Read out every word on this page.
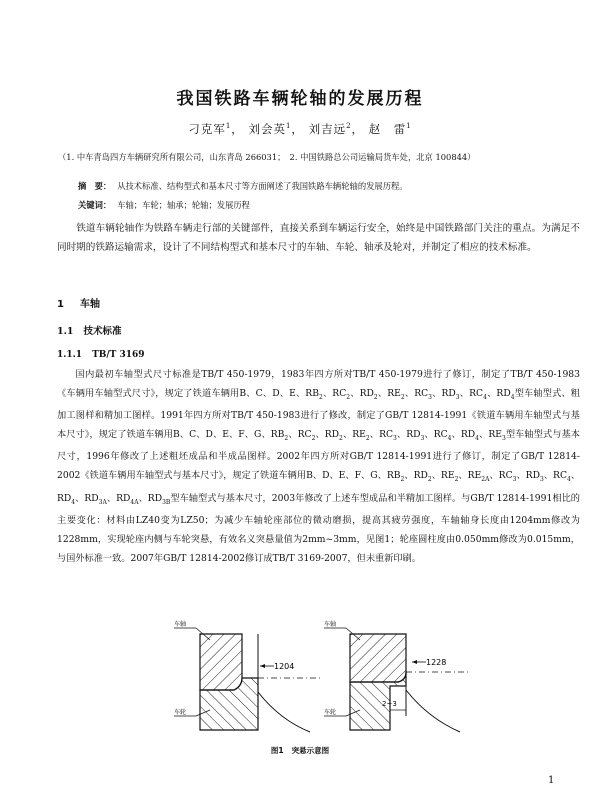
我国铁路车辆轮轴的发展历程
刁克军$^1$， 刘会英$^1$， 刘吉远$^2$， 赵　雷$^1$
（1. 中车青岛四方车辆研究所有限公司，山东青岛 266031；　2. 中国铁路总公司运输局货车处，北京 100844）
摘　要： 从技术标准、结构型式和基本尺寸等方面阐述了我国铁路车辆轮轴的发展历程。
关键词： 车轴；车轮；轴承；轮轴；发展历程

铁道车辆轮轴作为铁路车辆走行部的关键部件，直接关系到车辆运行安全，始终是中国铁路部门关注的重点。为满足不同时期的铁路运输需求，设计了不同结构型式和基本尺寸的车轴、车轮、轴承及轮对，并制定了相应的技术标准。

1 车轴
1.1 技术标准
1.1.1 TB/T 3169

国内最初车轴型式尺寸标准是TB/T 450-1979，1983年四方所对TB/T 450-1979进行了修订，制定了TB/T 450-1983《车辆用车轴型式尺寸》，规定了铁道车辆用B、C、D、E、$RB_2$、$RC_2$、$RD_2$、$RE_2$、$RC_3$、$RD_3$、$RC_4$、$RD_4$型车轴型式、粗加工图样和精加工图样。1991年四方所对TB/T 450-1983进行了修改，制定了GB/T 12814-1991《铁道车辆用车轴型式与基本尺寸》，规定了铁道车辆用B、C、D、E、F、G、$RB_2$、$RC_2$、$RD_2$、$RE_2$、$RC_3$、$RD_3$、$RC_4$、$RD_4$、$RE_3$型车轴型式与基本尺寸，1996年修改了上述粗坯成品和半成品图样。2002年四方所对GB/T 12814-1991进行了修订，制定了GB/T 12814-2002《铁道车辆用车轴型式与基本尺寸》，规定了铁道车辆用B、D、E、F、G、$RB_2$、$RD_2$、$RE_2$、$RE_{2A}$、$RC_3$、$RD_3$、$RC_4$、$RD_4$、$RD_{3A}$、$RD_{4A}$、$RD_{3B}$型车轴型式与基本尺寸，2003年修改了上述车型成品和半精加工图样。与GB/T 12814-1991相比的主要变化：材料由LZ40变为LZ50；为减少车轴轮座部位的微动磨损，提高其疲劳强度，车轴轴身长度由1204mm修改为1228mm，实现轮座内侧与车轮突悬，有效名义突悬量值为2mm~3mm，见图1；轮座圆柱度由0.050mm修改为0.015mm，与国外标准一致。2007年GB/T 12814-2002修订成TB/T 3169-2007，但未重新印刷。

1204
车轴
车轮
1228
2~3
车轴
车轮
图1 突悬示意图
1
